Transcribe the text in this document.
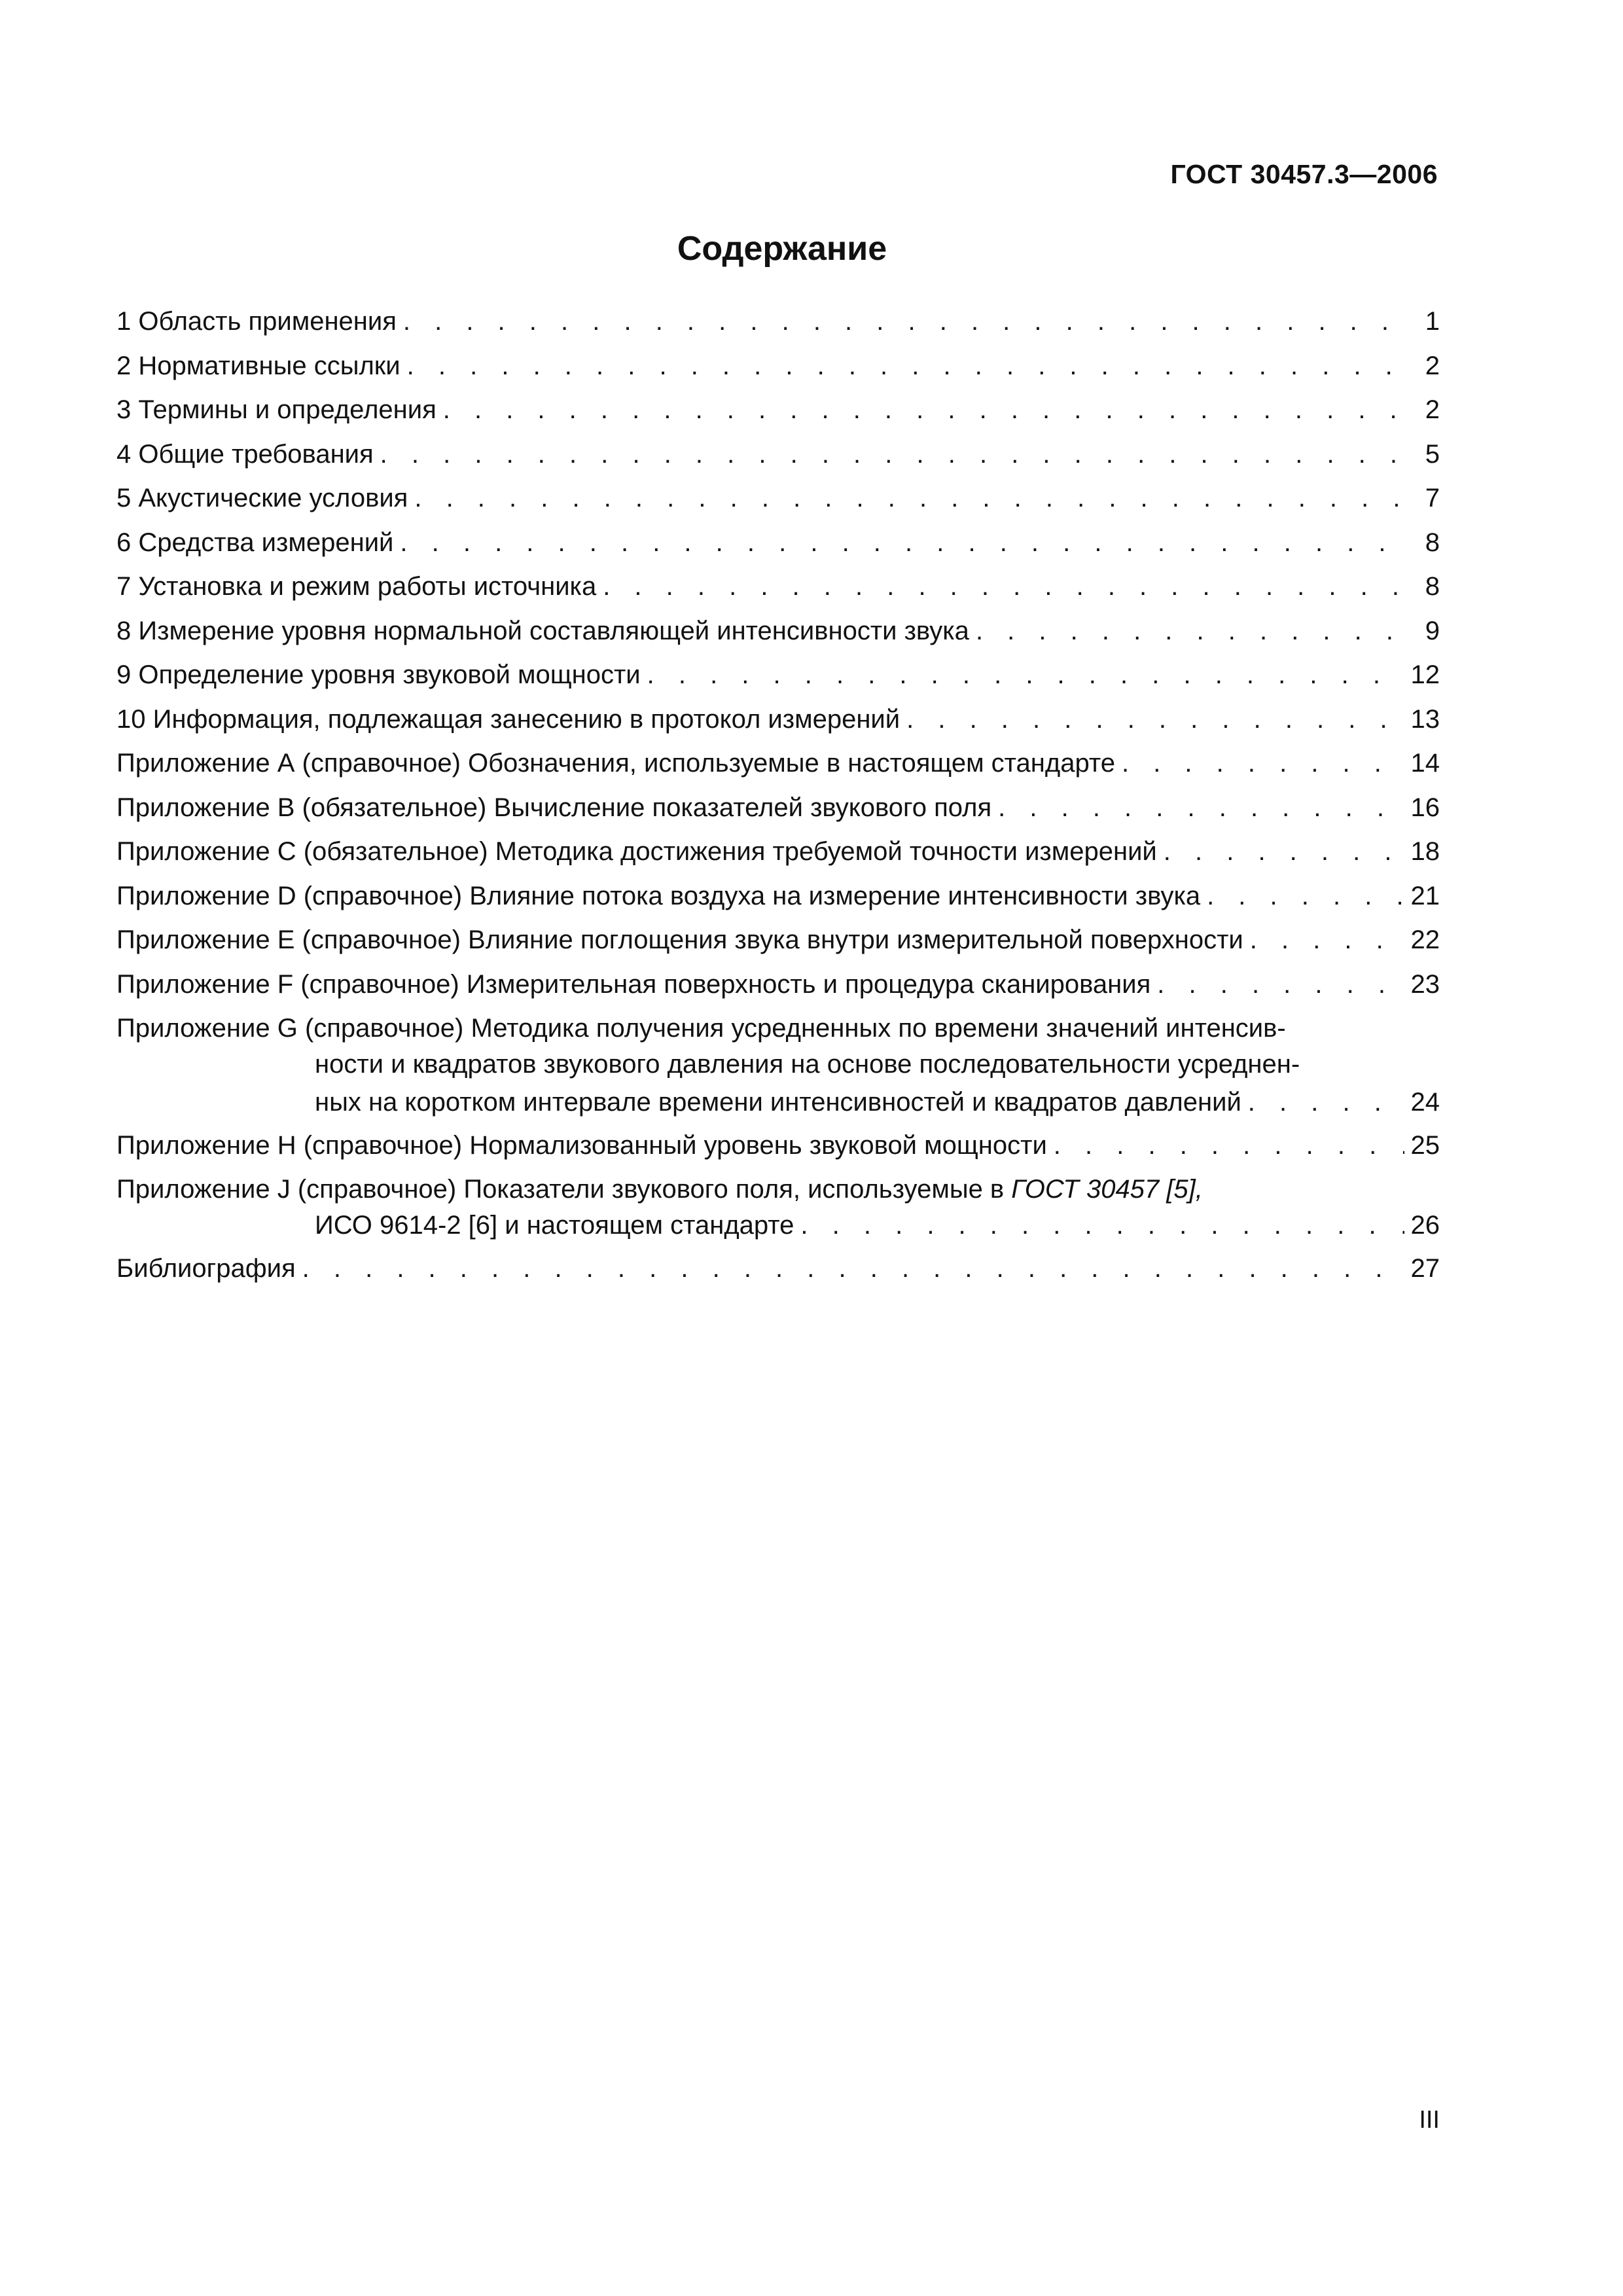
ГОСТ 30457.3—2006
Содержание
1 Область применения . . .	1
2 Нормативные ссылки . . .	2
3 Термины и определения . . .	2
4 Общие требования . . .	5
5 Акустические условия . . .	7
6 Средства измерений . . .	8
7 Установка и режим работы источника . . .	8
8 Измерение уровня нормальной составляющей интенсивности звука . . .	9
9 Определение уровня звуковой мощности . . .	12
10 Информация, подлежащая занесению в протокол измерений . . .	13
Приложение А (справочное) Обозначения, используемые в настоящем стандарте . . .	14
Приложение В (обязательное) Вычисление показателей звукового поля . . .	16
Приложение С (обязательное) Методика достижения требуемой точности измерений . . .	18
Приложение D (справочное) Влияние потока воздуха на измерение интенсивности звука . . .	21
Приложение Е (справочное) Влияние поглощения звука внутри измерительной поверхности . . .	22
Приложение F (справочное) Измерительная поверхность и процедура сканирования . . .	23
Приложение G (справочное) Методика получения усредненных по времени значений интенсив-
ности и квадратов звукового давления на основе последовательности усреднен-
ных на коротком интервале времени интенсивностей и квадратов давлений . . .	24
Приложение Н (справочное) Нормализованный уровень звуковой мощности . . .	25
Приложение J (справочное) Показатели звукового поля, используемые в ГОСТ 30457 [5],
ИСО 9614-2 [6] и настоящем стандарте . . .	26
Библиография . . .	27
III
